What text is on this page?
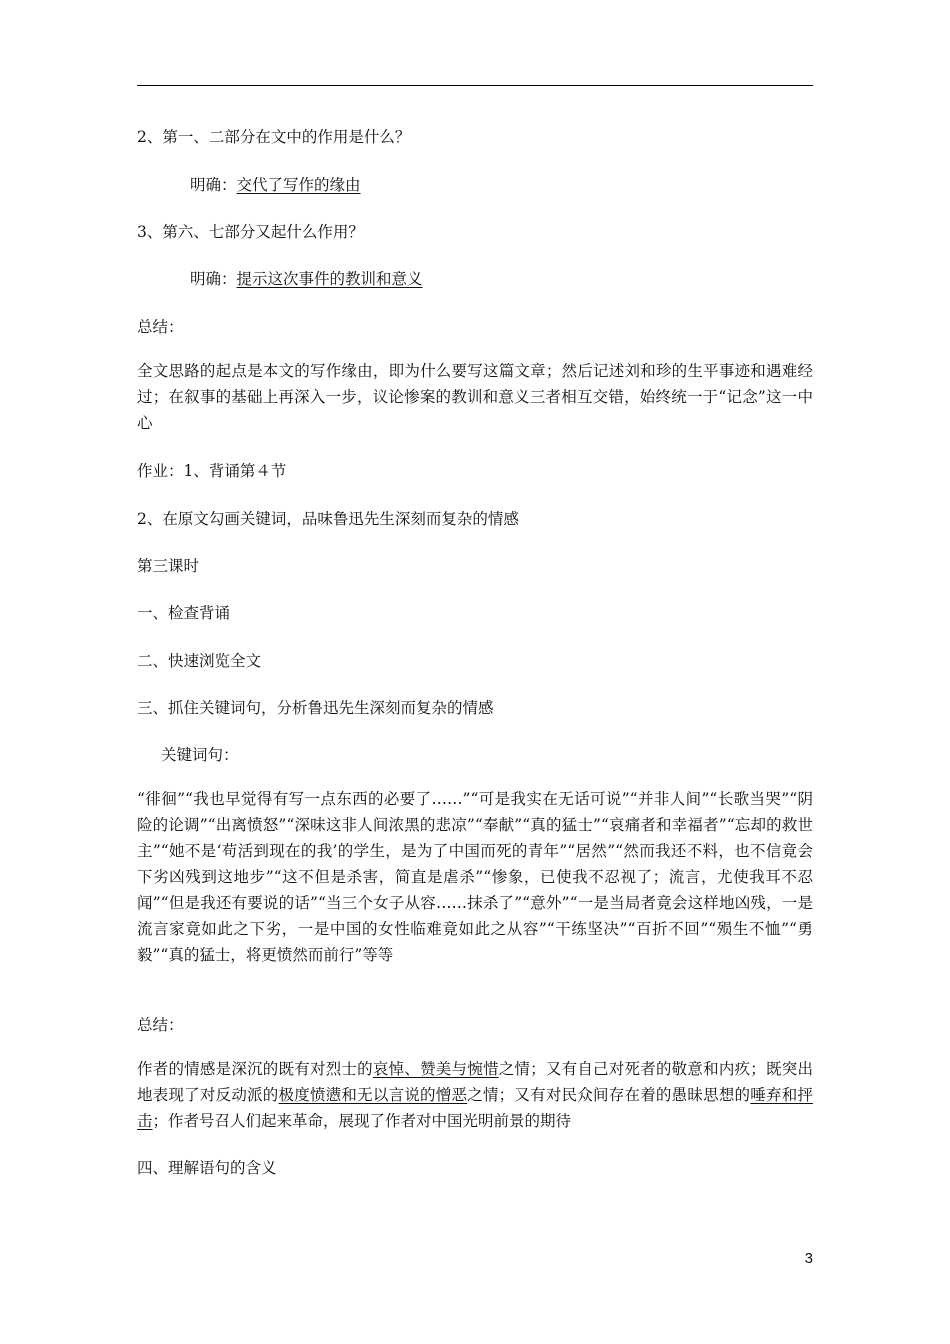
2、第一、二部分在文中的作用是什么？
明确：交代了写作的缘由
3、第六、七部分又起什么作用？
明确：提示这次事件的教训和意义
总结：
全文思路的起点是本文的写作缘由，即为什么要写这篇文章；然后记述刘和珍的生平事迹和遇难经过；在叙事的基础上再深入一步，议论惨案的教训和意义三者相互交错，始终统一于“记念”这一中心
作业：1、背诵第４节
2、在原文勾画关键词，品味鲁迅先生深刻而复杂的情感
第三课时
一、检查背诵
二、快速浏览全文
三、抓住关键词句，分析鲁迅先生深刻而复杂的情感
关键词句：
“徘徊”“我也早觉得有写一点东西的必要了……”“可是我实在无话可说”“并非人间”“长歌当哭”“阴险的论调”“出离愤怒”“深味这非人间浓黑的悲凉”“奉献”“真的猛士”“哀痛者和幸福者”“忘却的救世主”“她不是‘苟活到现在的我’的学生，是为了中国而死的青年”“居然”“然而我还不料，也不信竟会下劣凶残到这地步”“这不但是杀害，简直是虐杀”“惨象，已使我不忍视了；流言，尤使我耳不忍闻”“但是我还有要说的话”“当三个女子从容……抹杀了”“意外”“一是当局者竟会这样地凶残，一是流言家竟如此之下劣，一是中国的女性临难竟如此之从容”“干练坚决”“百折不回”“殒生不恤”“勇毅”“真的猛士，将更愤然而前行”等等
总结：
作者的情感是深沉的既有对烈士的哀悼、赞美与惋惜之情；又有自己对死者的敬意和内疚；既突出地表现了对反动派的极度愤懑和无以言说的憎恶之情；又有对民众间存在着的愚昧思想的唾弃和抨击；作者号召人们起来革命，展现了作者对中国光明前景的期待
四、理解语句的含义
3
